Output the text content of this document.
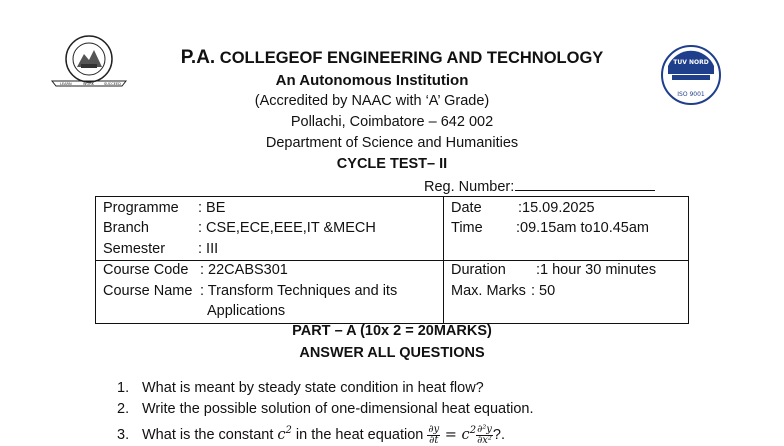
LEARN	WORK	SUCCEED
TUV NORD
ISO 9001
P.A. COLLEGEOF ENGINEERING AND TECHNOLOGY
An Autonomous Institution
(Accredited by NAAC with ‘A’ Grade)
Pollachi, Coimbatore – 642 002
Department of Science and Humanities
CYCLE TEST– II
Reg. Number:
Programme : BE
Branch	: CSE,ECE,EEE,IT &MECH
Semester : III
Date	:15.09.2025
Time :09.15am to10.45am
Course Code : 22CABS301
Course Name : Transform Techniques and its
Applications
Duration :1 hour 30 minutes
Max. Marks : 50
PART – A (10x 2 = 20MARKS)
ANSWER ALL QUESTIONS
1. What is meant by steady state condition in heat flow?
2. Write the possible solution of one-dimensional heat equation.
3. What is the constant $c^2$ in the heat equation $\frac{\partial y}{\partial t} = c^2 \frac{\text{∂²y}}{\text{∂x²}}$ ?.
